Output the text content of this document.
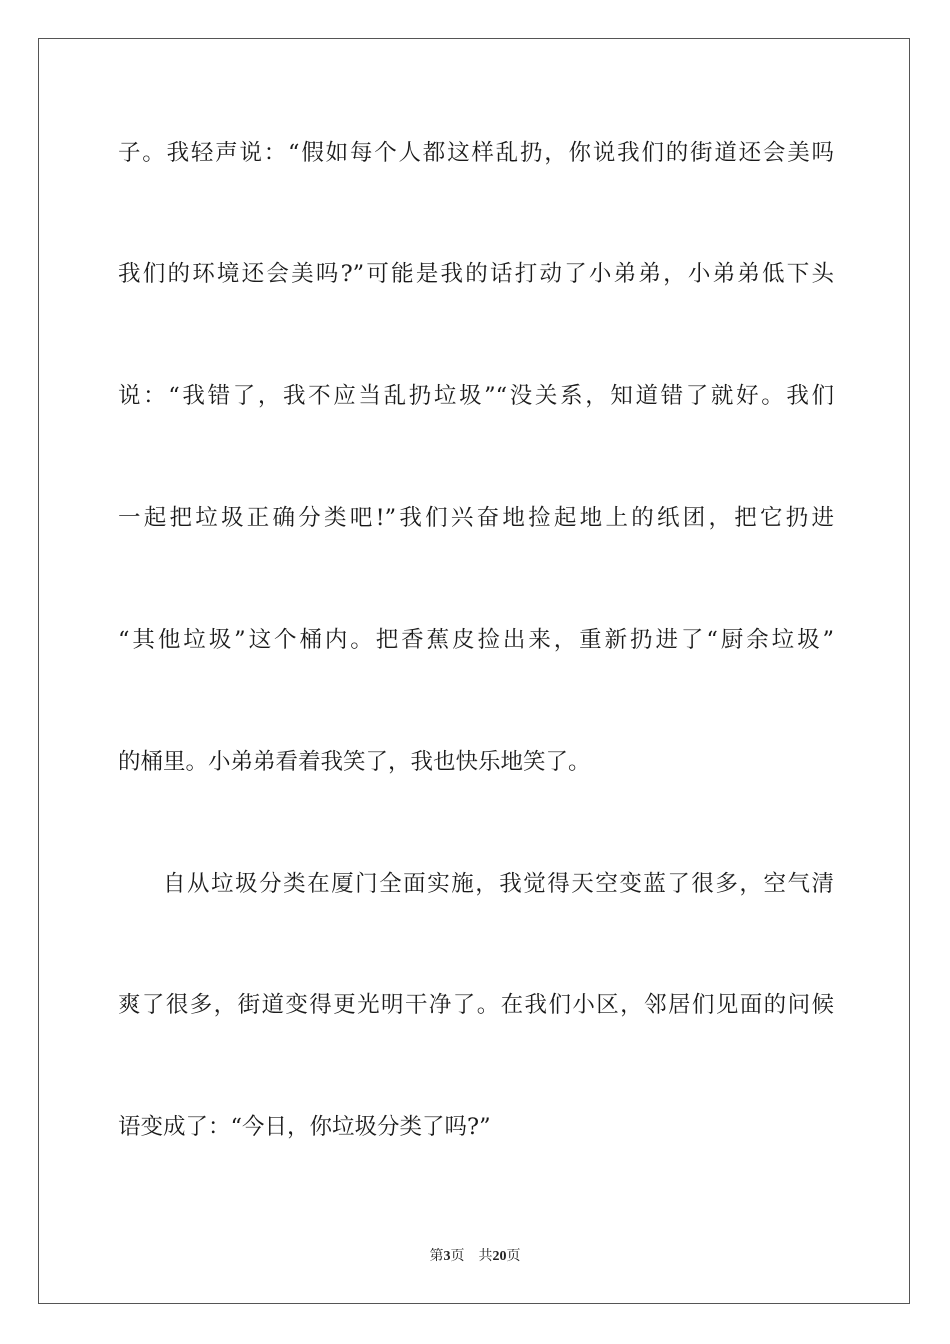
子。我轻声说：“假如每个人都这样乱扔，你说我们的街道还会美吗
我们的环境还会美吗?”可能是我的话打动了小弟弟，小弟弟低下头
说：“我错了，我不应当乱扔垃圾”“没关系，知道错了就好。我们
一起把垃圾正确分类吧!”我们兴奋地捡起地上的纸团，把它扔进
“其他垃圾”这个桶内。把香蕉皮捡出来，重新扔进了“厨余垃圾”
的桶里。小弟弟看着我笑了，我也快乐地笑了。
自从垃圾分类在厦门全面实施，我觉得天空变蓝了很多，空气清
爽了很多，街道变得更光明干净了。在我们小区，邻居们见面的问候
语变成了：“今日，你垃圾分类了吗?”
第3页 共20页
